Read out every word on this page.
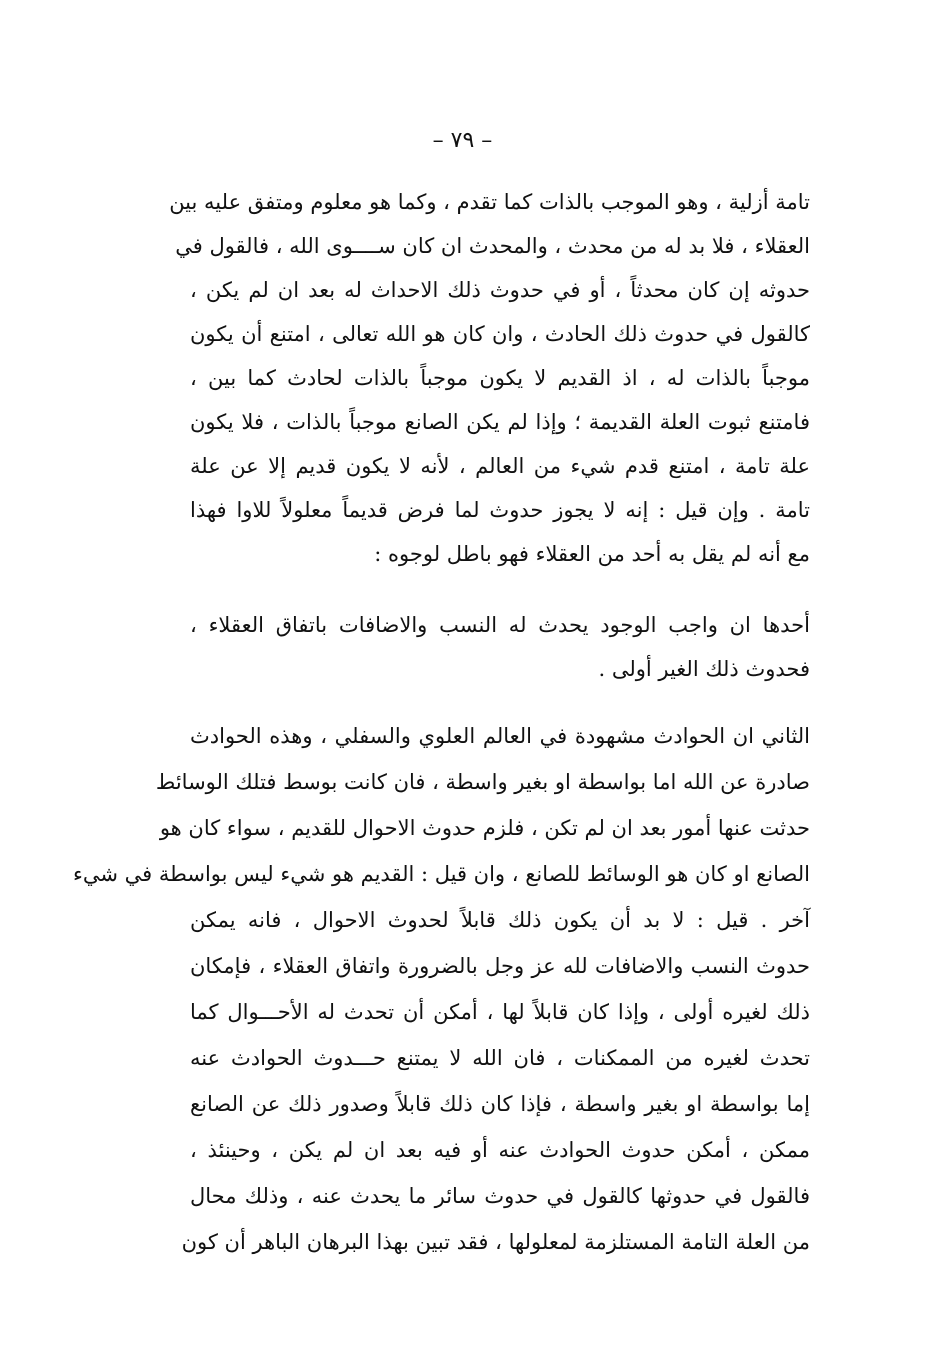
– ٧٩ –
تامة أزلية ، وهو الموجب بالذات كما تقدم ، وكما هو معلوم ومتفق عليه بين
العقلاء ، فلا بد له من محدث ، والمحدث ان كان ســــوى الله ، فالقول في
حدوثه إن كان محدثاً ، أو في حدوث ذلك الاحداث له بعد ان لم يكن ،
كالقول في حدوث ذلك الحادث ، وان كان هو الله تعالى ، امتنع أن يكون
موجباً بالذات له ، اذ القديم لا يكون موجباً بالذات لحادث كما بين ،
فامتنع ثبوت العلة القديمة ؛ وإذا لم يكن الصانع موجباً بالذات ، فلا يكون
علة تامة ، امتنع قدم شيء من العالم ، لأنه لا يكون قديم إلا عن علة
تامة . وإن قيل : إنه لا يجوز حدوث لما فرض قديماً معلولاً للاوا فهذا
مع أنه لم يقل به أحد من العقلاء فهو باطل لوجوه :
أحدها ان واجب الوجود يحدث له النسب والاضافات باتفاق العقلاء ،
فحدوث ذلك الغير أولى .
الثاني ان الحوادث مشهودة في العالم العلوي والسفلي ، وهذه الحوادث
صادرة عن الله اما بواسطة او بغير واسطة ، فان كانت بوسط فتلك الوسائط
حدثت عنها أمور بعد ان لم تكن ، فلزم حدوث الاحوال للقديم ، سواء كان هو
الصانع او كان هو الوسائط للصانع ، وان قيل : القديم هو شيء ليس بواسطة في شيء
آخر . قيل : لا بد أن يكون ذلك قابلاً لحدوث الاحوال ، فانه يمكن
حدوث النسب والاضافات لله عز وجل بالضرورة واتفاق العقلاء ، فإمكان
ذلك لغيره أولى ، وإذا كان قابلاً لها ، أمكن أن تحدث له الأحـــوال كما
تحدث لغيره من الممكنات ، فان الله لا يمتنع حـــدوث الحوادث عنه
إما بواسطة او بغير واسطة ، فإذا كان ذلك قابلاً وصدور ذلك عن الصانع
ممكن ، أمكن حدوث الحوادث عنه أو فيه بعد ان لم يكن ، وحينئذ ،
فالقول في حدوثها كالقول في حدوث سائر ما يحدث عنه ، وذلك محال
من العلة التامة المستلزمة لمعلولها ، فقد تبين بهذا البرهان الباهر أن كون
